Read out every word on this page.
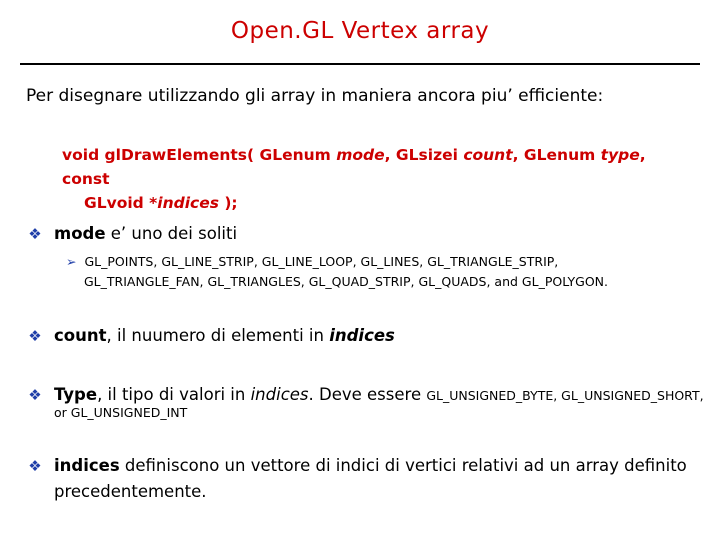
Open.GL Vertex array
Per disegnare utilizzando gli array in maniera ancora piu’ efficiente:
void glDrawElements( GLenum mode, GLsizei count, GLenum type, const
GLvoid *indices );
❖ mode e’ uno dei soliti
➢ GL_POINTS, GL_LINE_STRIP, GL_LINE_LOOP, GL_LINES, GL_TRIANGLE_STRIP,
GL_TRIANGLE_FAN, GL_TRIANGLES, GL_QUAD_STRIP, GL_QUADS, and GL_POLYGON.
❖ count, il nuumero di elementi in indices
❖ Type, il tipo di valori in indices. Deve essere GL_UNSIGNED_BYTE, GL_UNSIGNED_SHORT,
or GL_UNSIGNED_INT
❖ indices definiscono un vettore di indici di vertici relativi ad un array definito
precedentemente.
